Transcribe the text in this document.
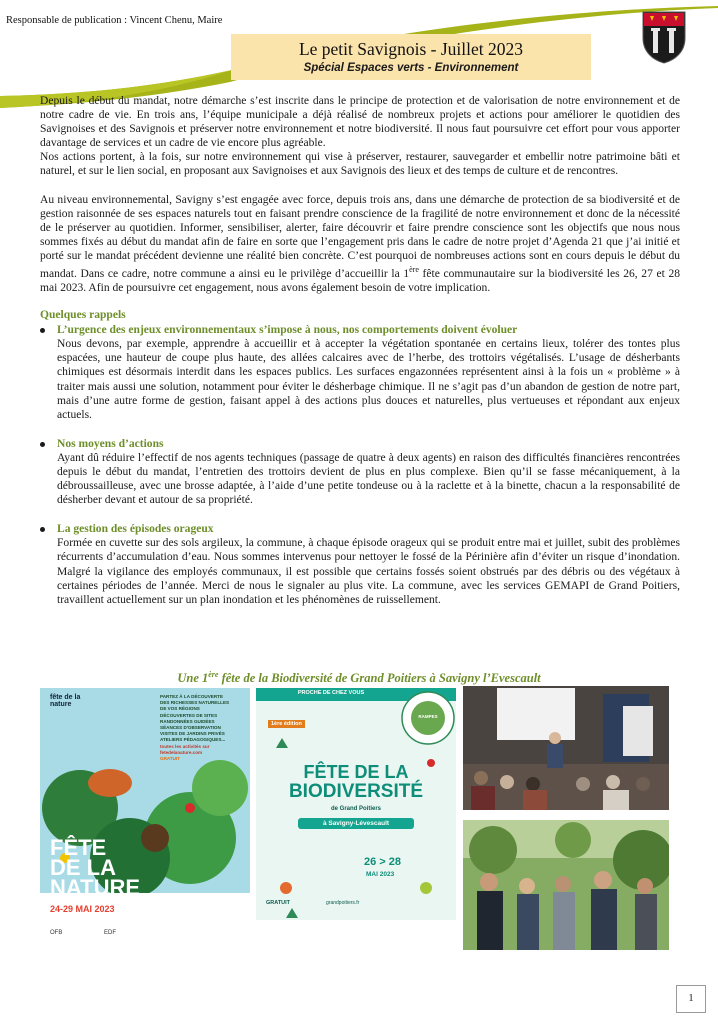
Responsable de publication : Vincent Chenu, Maire
Le petit Savignois - Juillet 2023
Spécial Espaces verts - Environnement

Depuis le début du mandat, notre démarche s’est inscrite dans le principe de protection et de valorisation de notre environnement et de notre cadre de vie. En trois ans, l’équipe municipale a déjà réalisé de nombreux projets et actions pour améliorer le quotidien des Savignoises et des Savignois et préserver notre environnement et notre biodiversité. Il nous faut poursuivre cet effort pour vous apporter davantage de services et un cadre de vie encore plus agréable.

Nos actions portent, à la fois, sur notre environnement qui vise à préserver, restaurer, sauvegarder et embellir notre patrimoine bâti et naturel, et sur le lien social, en proposant aux Savignoises et aux Savignois des lieux et des temps de culture et de rencontres.

Au niveau environnemental, Savigny s’est engagée avec force, depuis trois ans, dans une démarche de protection de sa biodiversité et de gestion raisonnée de ses espaces naturels tout en faisant prendre conscience de la fragilité de notre environnement et donc de la nécessité de le préserver au quotidien. Informer, sensibiliser, alerter, faire découvrir et faire prendre conscience sont les objectifs que nous nous sommes fixés au début du mandat afin de faire en sorte que l’engagement pris dans le cadre de notre projet d’Agenda 21 que j’ai initié et porté sur le mandat précédent devienne une réalité bien concrète. C’est pourquoi de nombreuses actions sont en cours depuis le début du mandat. Dans ce cadre, notre commune a ainsi eu le privilège d’accueillir la 1ère fête communautaire sur la biodiversité les 26, 27 et 28 mai 2023. Afin de poursuivre cet engagement, nous avons également besoin de votre implication.

Quelques rappels
L’urgence des enjeux environnementaux s’impose à nous, nos comportements doivent évoluer
Nous devons, par exemple, apprendre à accueillir et à accepter la végétation spontanée en certains lieux, tolérer des tontes plus espacées, une hauteur de coupe plus haute, des allées calcaires avec de l’herbe, des trottoirs végétalisés. L’usage de désherbants chimiques est désormais interdit dans les espaces publics. Les surfaces engazonnées représentent ainsi à la fois un « problème » à traiter mais aussi une solution, notamment pour éviter le désherbage chimique. Il ne s’agit pas d’un abandon de gestion de notre part, mais d’une autre forme de gestion, faisant appel à des actions plus douces et naturelles, plus vertueuses et répondant aux enjeux actuels.
Nos moyens d’actions
Ayant dû réduire l’effectif de nos agents techniques (passage de quatre à deux agents) en raison des difficultés financières rencontrées depuis le début du mandat, l’entretien des trottoirs devient de plus en plus complexe. Bien qu’il se fasse mécaniquement, à la débroussailleuse, avec une brosse adaptée, à l’aide d’une petite tondeuse ou à la raclette et à la binette, chacun a la responsabilité de désherber devant et autour de sa propriété.
La gestion des épisodes orageux
Formée en cuvette sur des sols argileux, la commune, à chaque épisode orageux qui se produit entre mai et juillet, subit des problèmes récurrents d’accumulation d’eau. Nous sommes intervenus pour nettoyer le fossé de la Périnière afin d’éviter un risque d’inondation. Malgré la vigilance des employés communaux, il est possible que certains fossés soient obstrués par des débris ou des végétaux à certaines périodes de l’année. Merci de nous le signaler au plus vite. La commune, avec les services GEMAPI de Grand Poitiers, travaillent actuellement sur un plan inondation et les phénomènes de ruissellement.
Une 1ère fête de la Biodiversité de Grand Poitiers à Savigny l’Evescault
fête de la nature
PARTEZ À LA DÉCOUVERTE
DES RICHESSES NATURELLES
DE VOS RÉGIONS
DÉCOUVERTES DE SITES
RANDONNÉES GUIDÉES
SÉANCES D'OBSERVATION
VISITES DE JARDINS PRIVÉS
ATELIERS PÉDAGOGIQUES...
toutes les activités sur fetedelanature.com
GRATUIT
FÊTE
DE LA
NATURE
24-29 MAI 2023
OFB	EDF
PROCHE DE CHEZ VOUS
RAMPES
1ère édition
FÊTE DE LA
BIODIVERSITÉ
de Grand Poitiers
à Savigny-Lévescault
26 > 28
MAI 2023
GRATUIT	grandpoitiers.fr
1
